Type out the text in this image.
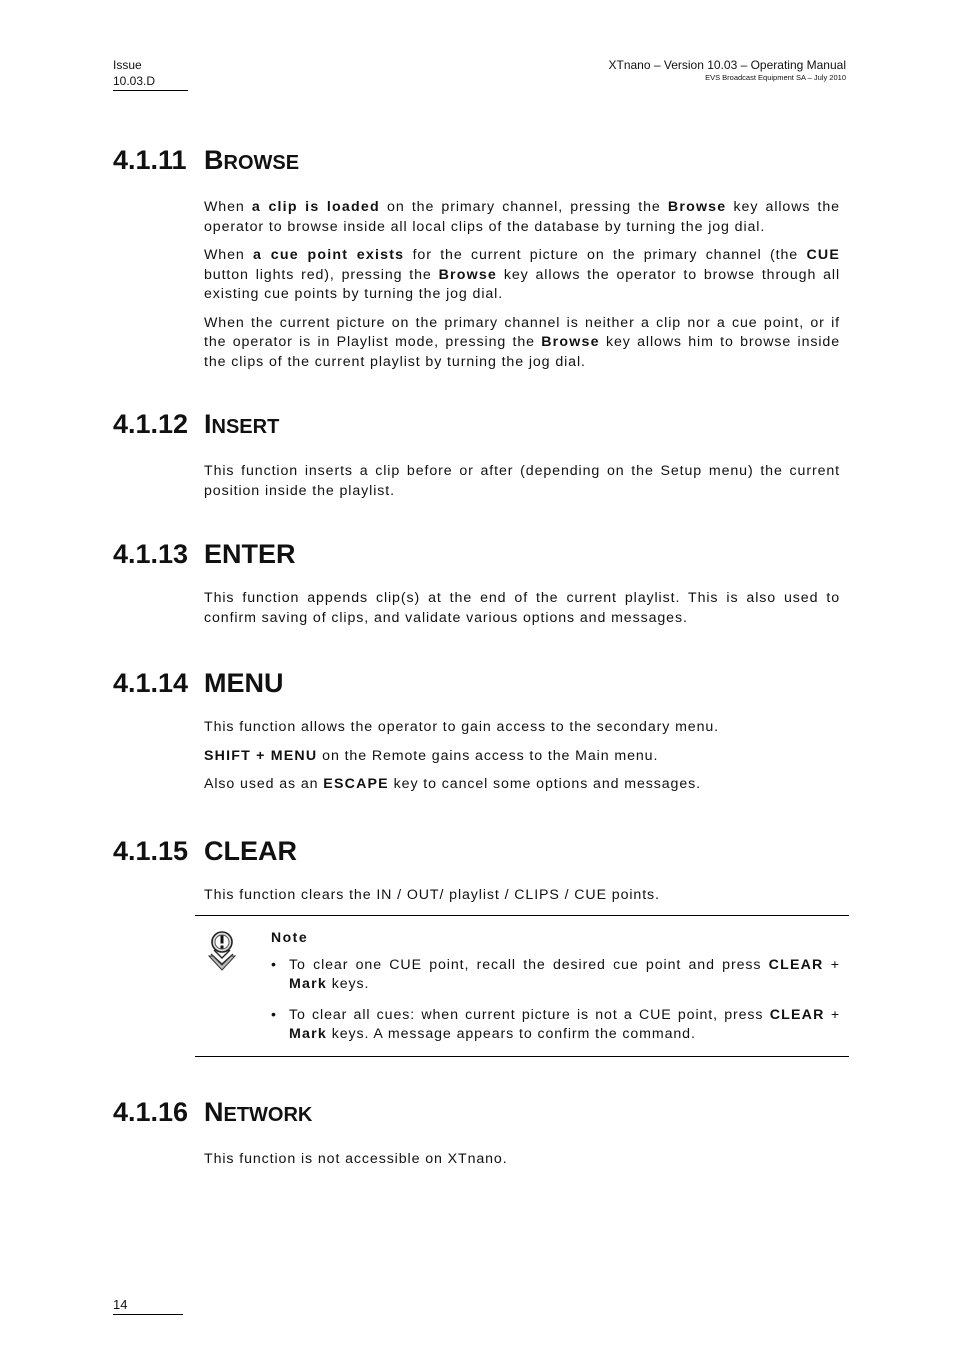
Issue
10.03.D
XTnano – Version 10.03 – Operating Manual
EVS Broadcast Equipment SA – July 2010
4.1.11 BROWSE

When a clip is loaded on the primary channel, pressing the Browse key allows the operator to browse inside all local clips of the database by turning the jog dial.

When a cue point exists for the current picture on the primary channel (the CUE button lights red), pressing the Browse key allows the operator to browse through all existing cue points by turning the jog dial.

When the current picture on the primary channel is neither a clip nor a cue point, or if the operator is in Playlist mode, pressing the Browse key allows him to browse inside the clips of the current playlist by turning the jog dial.

4.1.12 INSERT

This function inserts a clip before or after (depending on the Setup menu) the current position inside the playlist.

4.1.13 ENTER

This function appends clip(s) at the end of the current playlist. This is also used to confirm saving of clips, and validate various options and messages.

4.1.14 MENU

This function allows the operator to gain access to the secondary menu.

SHIFT + MENU on the Remote gains access to the Main menu.

Also used as an ESCAPE key to cancel some options and messages.

4.1.15 CLEAR

This function clears the IN / OUT/ playlist / CLIPS / CUE points.

Note
• To clear one CUE point, recall the desired cue point and press CLEAR + Mark keys.
• To clear all cues: when current picture is not a CUE point, press CLEAR + Mark keys. A message appears to confirm the command.
4.1.16 NETWORK

This function is not accessible on XTnano.

14
